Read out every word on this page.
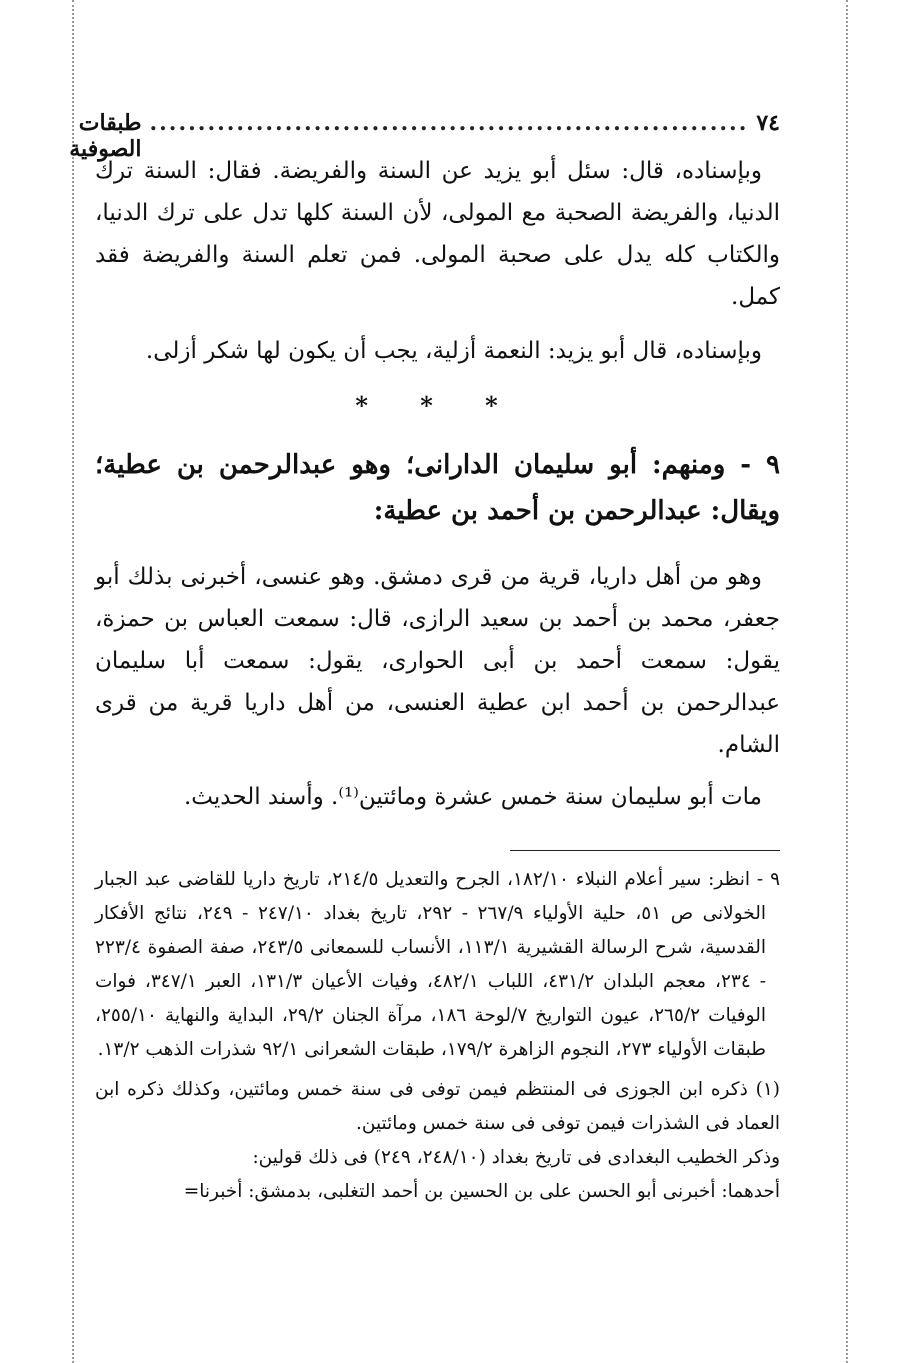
٧٤
..............................................................
طبقات الصوفية

وبإسناده، قال: سئل أبو يزيد عن السنة والفريضة. فقال: السنة ترك الدنيا، والفريضة الصحبة مع المولى، لأن السنة كلها تدل على ترك الدنيا، والكتاب كله يدل على صحبة المولى. فمن تعلم السنة والفريضة فقد كمل.

وبإسناده، قال أبو يزيد: النعمة أزلية، يجب أن يكون لها شكر أزلى.

* * *
٩ - ومنهم: أبو سليمان الدارانى؛ وهو عبدالرحمن بن عطية؛ ويقال: عبدالرحمن بن أحمد بن عطية:

وهو من أهل داريا، قرية من قرى دمشق. وهو عنسى، أخبرنى بذلك أبو جعفر، محمد بن أحمد بن سعيد الرازى، قال: سمعت العباس بن حمزة، يقول: سمعت أحمد بن أبى الحوارى، يقول: سمعت أبا سليمان عبدالرحمن بن أحمد ابن عطية العنسى، من أهل داريا قرية من قرى الشام.

مات أبو سليمان سنة خمس عشرة ومائتين⁽¹⁾. وأسند الحديث.

٩ - انظر: سير أعلام النبلاء ١٨٢/١٠، الجرح والتعديل ٢١٤/٥، تاريخ داريا للقاضى عبد الجبار الخولانى ص ٥١، حلية الأولياء ٢٦٧/٩ - ٢٩٢، تاريخ بغداد ٢٤٧/١٠ - ٢٤٩، نتائج الأفكار القدسية، شرح الرسالة القشيرية ١١٣/١، الأنساب للسمعانى ٢٤٣/٥، صفة الصفوة ٢٢٣/٤ - ٢٣٤، معجم البلدان ٤٣١/٢، اللباب ٤٨٢/١، وفيات الأعيان ١٣١/٣، العبر ٣٤٧/١، فوات الوفيات ٢٦٥/٢، عيون التواريخ ٧/لوحة ١٨٦، مرآة الجنان ٢٩/٢، البداية والنهاية ٢٥٥/١٠، طبقات الأولياء ٢٧٣، النجوم الزاهرة ١٧٩/٢، طبقات الشعرانى ٩٢/١ شذرات الذهب ١٣/٢.

(١) ذكره ابن الجوزى فى المنتظم فيمن توفى فى سنة خمس ومائتين، وكذلك ذكره ابن العماد فى الشذرات فيمن توفى فى سنة خمس ومائتين.

وذكر الخطيب البغدادى فى تاريخ بغداد (٢٤٨/١٠، ٢٤٩) فى ذلك قولين:

أحدهما: أخبرنى أبو الحسن على بن الحسين بن أحمد التغلبى، بدمشق: أخبرنا=
